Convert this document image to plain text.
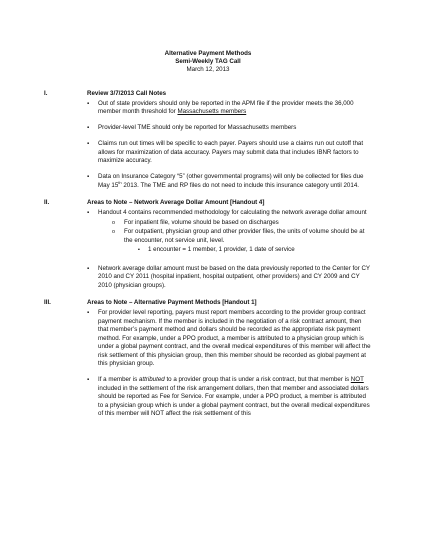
Alternative Payment Methods
Semi-Weekly TAG Call
March 12, 2013
I.	Review 3/7/2013 Call Notes
▪ Out of state providers should only be reported in the APM file if the provider meets the 36,000 member month threshold for Massachusetts members
▪ Provider-level TME should only be reported for Massachusetts members
▪ Claims run out times will be specific to each payer. Payers should use a claims run out cutoff that allows for maximization of data accuracy. Payers may submit data that includes IBNR factors to maximize accuracy.
▪ Data on Insurance Category “5” (other governmental programs) will only be collected for files due May 15th 2013. The TME and RP files do not need to include this insurance category until 2014.
II.	Areas to Note – Network Average Dollar Amount [Handout 4]
▪ Handout 4 contains recommended methodology for calculating the network average dollar amount
o For inpatient file, volume should be based on discharges
o For outpatient, physician group and other provider files, the units of volume should be at the encounter, not service unit, level.
▪ 1 encounter = 1 member, 1 provider, 1 date of service
▪ Network average dollar amount must be based on the data previously reported to the Center for CY 2010 and CY 2011 (hospital inpatient, hospital outpatient, other providers) and CY 2009 and CY 2010 (physician groups).
III.	Areas to Note – Alternative Payment Methods [Handout 1]
▪ For provider level reporting, payers must report members according to the provider group contract payment mechanism. If the member is included in the negotiation of a risk contract amount, then that member’s payment method and dollars should be recorded as the appropriate risk payment method. For example, under a PPO product, a member is attributed to a physician group which is under a global payment contract, and the overall medical expenditures of this member will affect the risk settlement of this physician group, then this member should be recorded as global payment at this physician group.
▪ If a member is attributed to a provider group that is under a risk contract, but that member is NOT included in the settlement of the risk arrangement dollars, then that member and associated dollars should be reported as Fee for Service. For example, under a PPO product, a member is attributed to a physician group which is under a global payment contract, but the overall medical expenditures of this member will NOT affect the risk settlement of this
